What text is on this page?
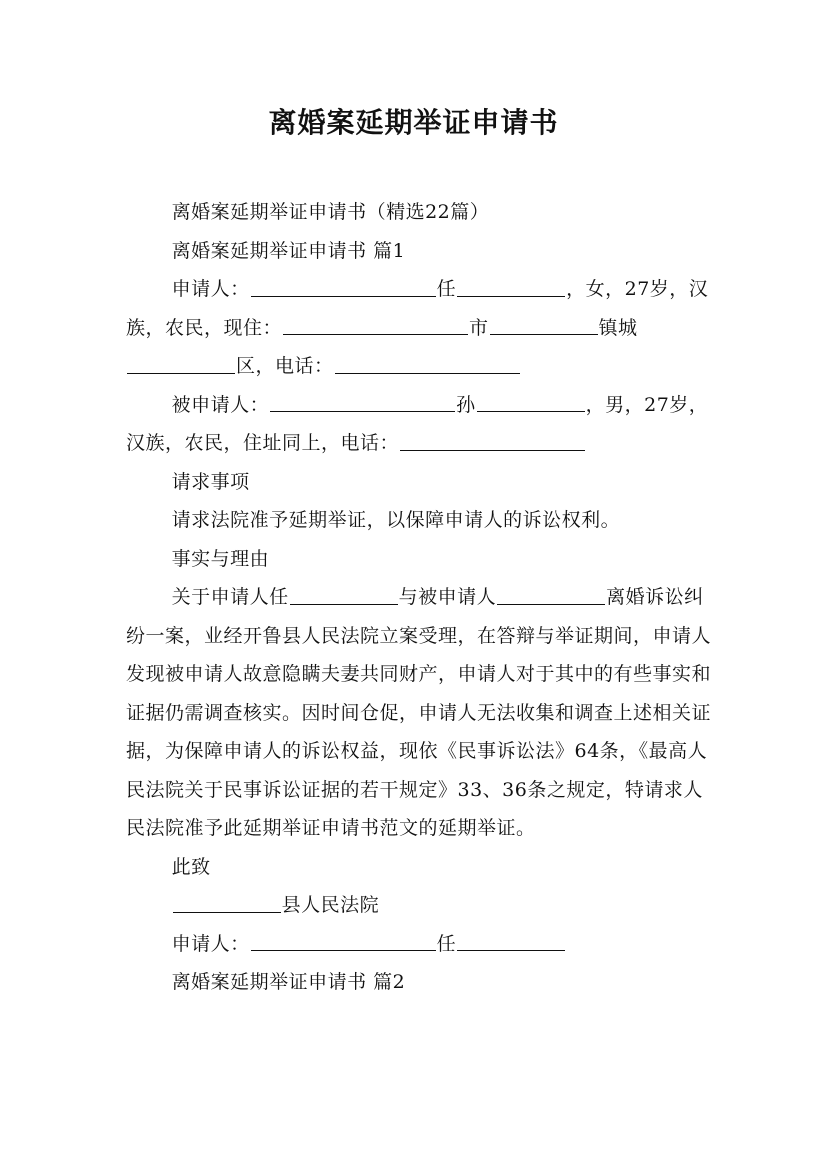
离婚案延期举证申请书

离婚案延期举证申请书（精选22篇）

离婚案延期举证申请书 篇1

申请人：	任	，女，27岁，汉族，农民，现住：	市	镇城区，电话：

被申请人：	孙	，男，27岁，汉族，农民，住址同上，电话：

请求事项

请求法院准予延期举证，以保障申请人的诉讼权利。

事实与理由

关于申请人任	与被申请人	离婚诉讼纠纷一案，业经开鲁县人民法院立案受理，在答辩与举证期间，申请人发现被申请人故意隐瞒夫妻共同财产，申请人对于其中的有些事实和证据仍需调查核实。因时间仓促，申请人无法收集和调查上述相关证据，为保障申请人的诉讼权益，现依《民事诉讼法》64条，《最高人民法院关于民事诉讼证据的若干规定》33、36条之规定，特请求人民法院准予此延期举证申请书范文的延期举证。

此致

县人民法院

申请人：	任

离婚案延期举证申请书 篇2
